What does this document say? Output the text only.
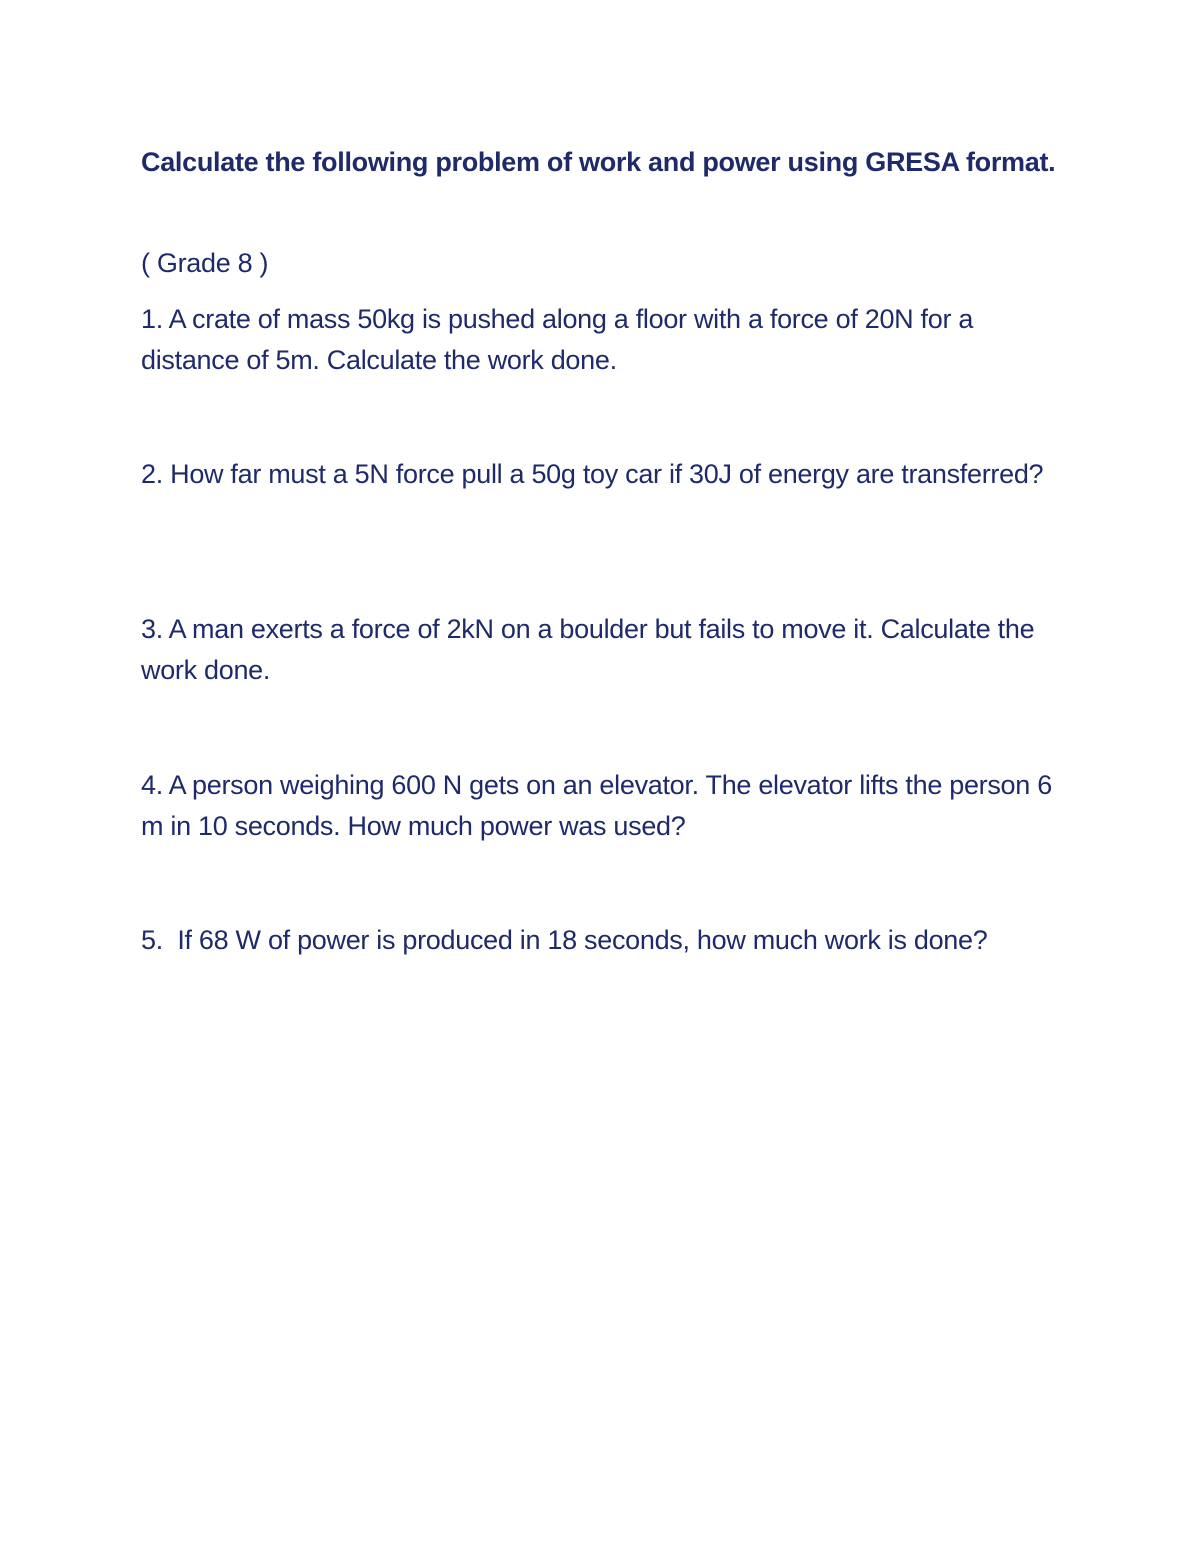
Calculate the following problem of work and power using GRESA format.
( Grade 8 )
1. A crate of mass 50kg is pushed along a floor with a force of 20N for a distance of 5m. Calculate the work done.
2. How far must a 5N force pull a 50g toy car if 30J of energy are transferred?
3. A man exerts a force of 2kN on a boulder but fails to move it. Calculate the work done.
4. A person weighing 600 N gets on an elevator. The elevator lifts the person 6 m in 10 seconds. How much power was used?
5.  If 68 W of power is produced in 18 seconds, how much work is done?
